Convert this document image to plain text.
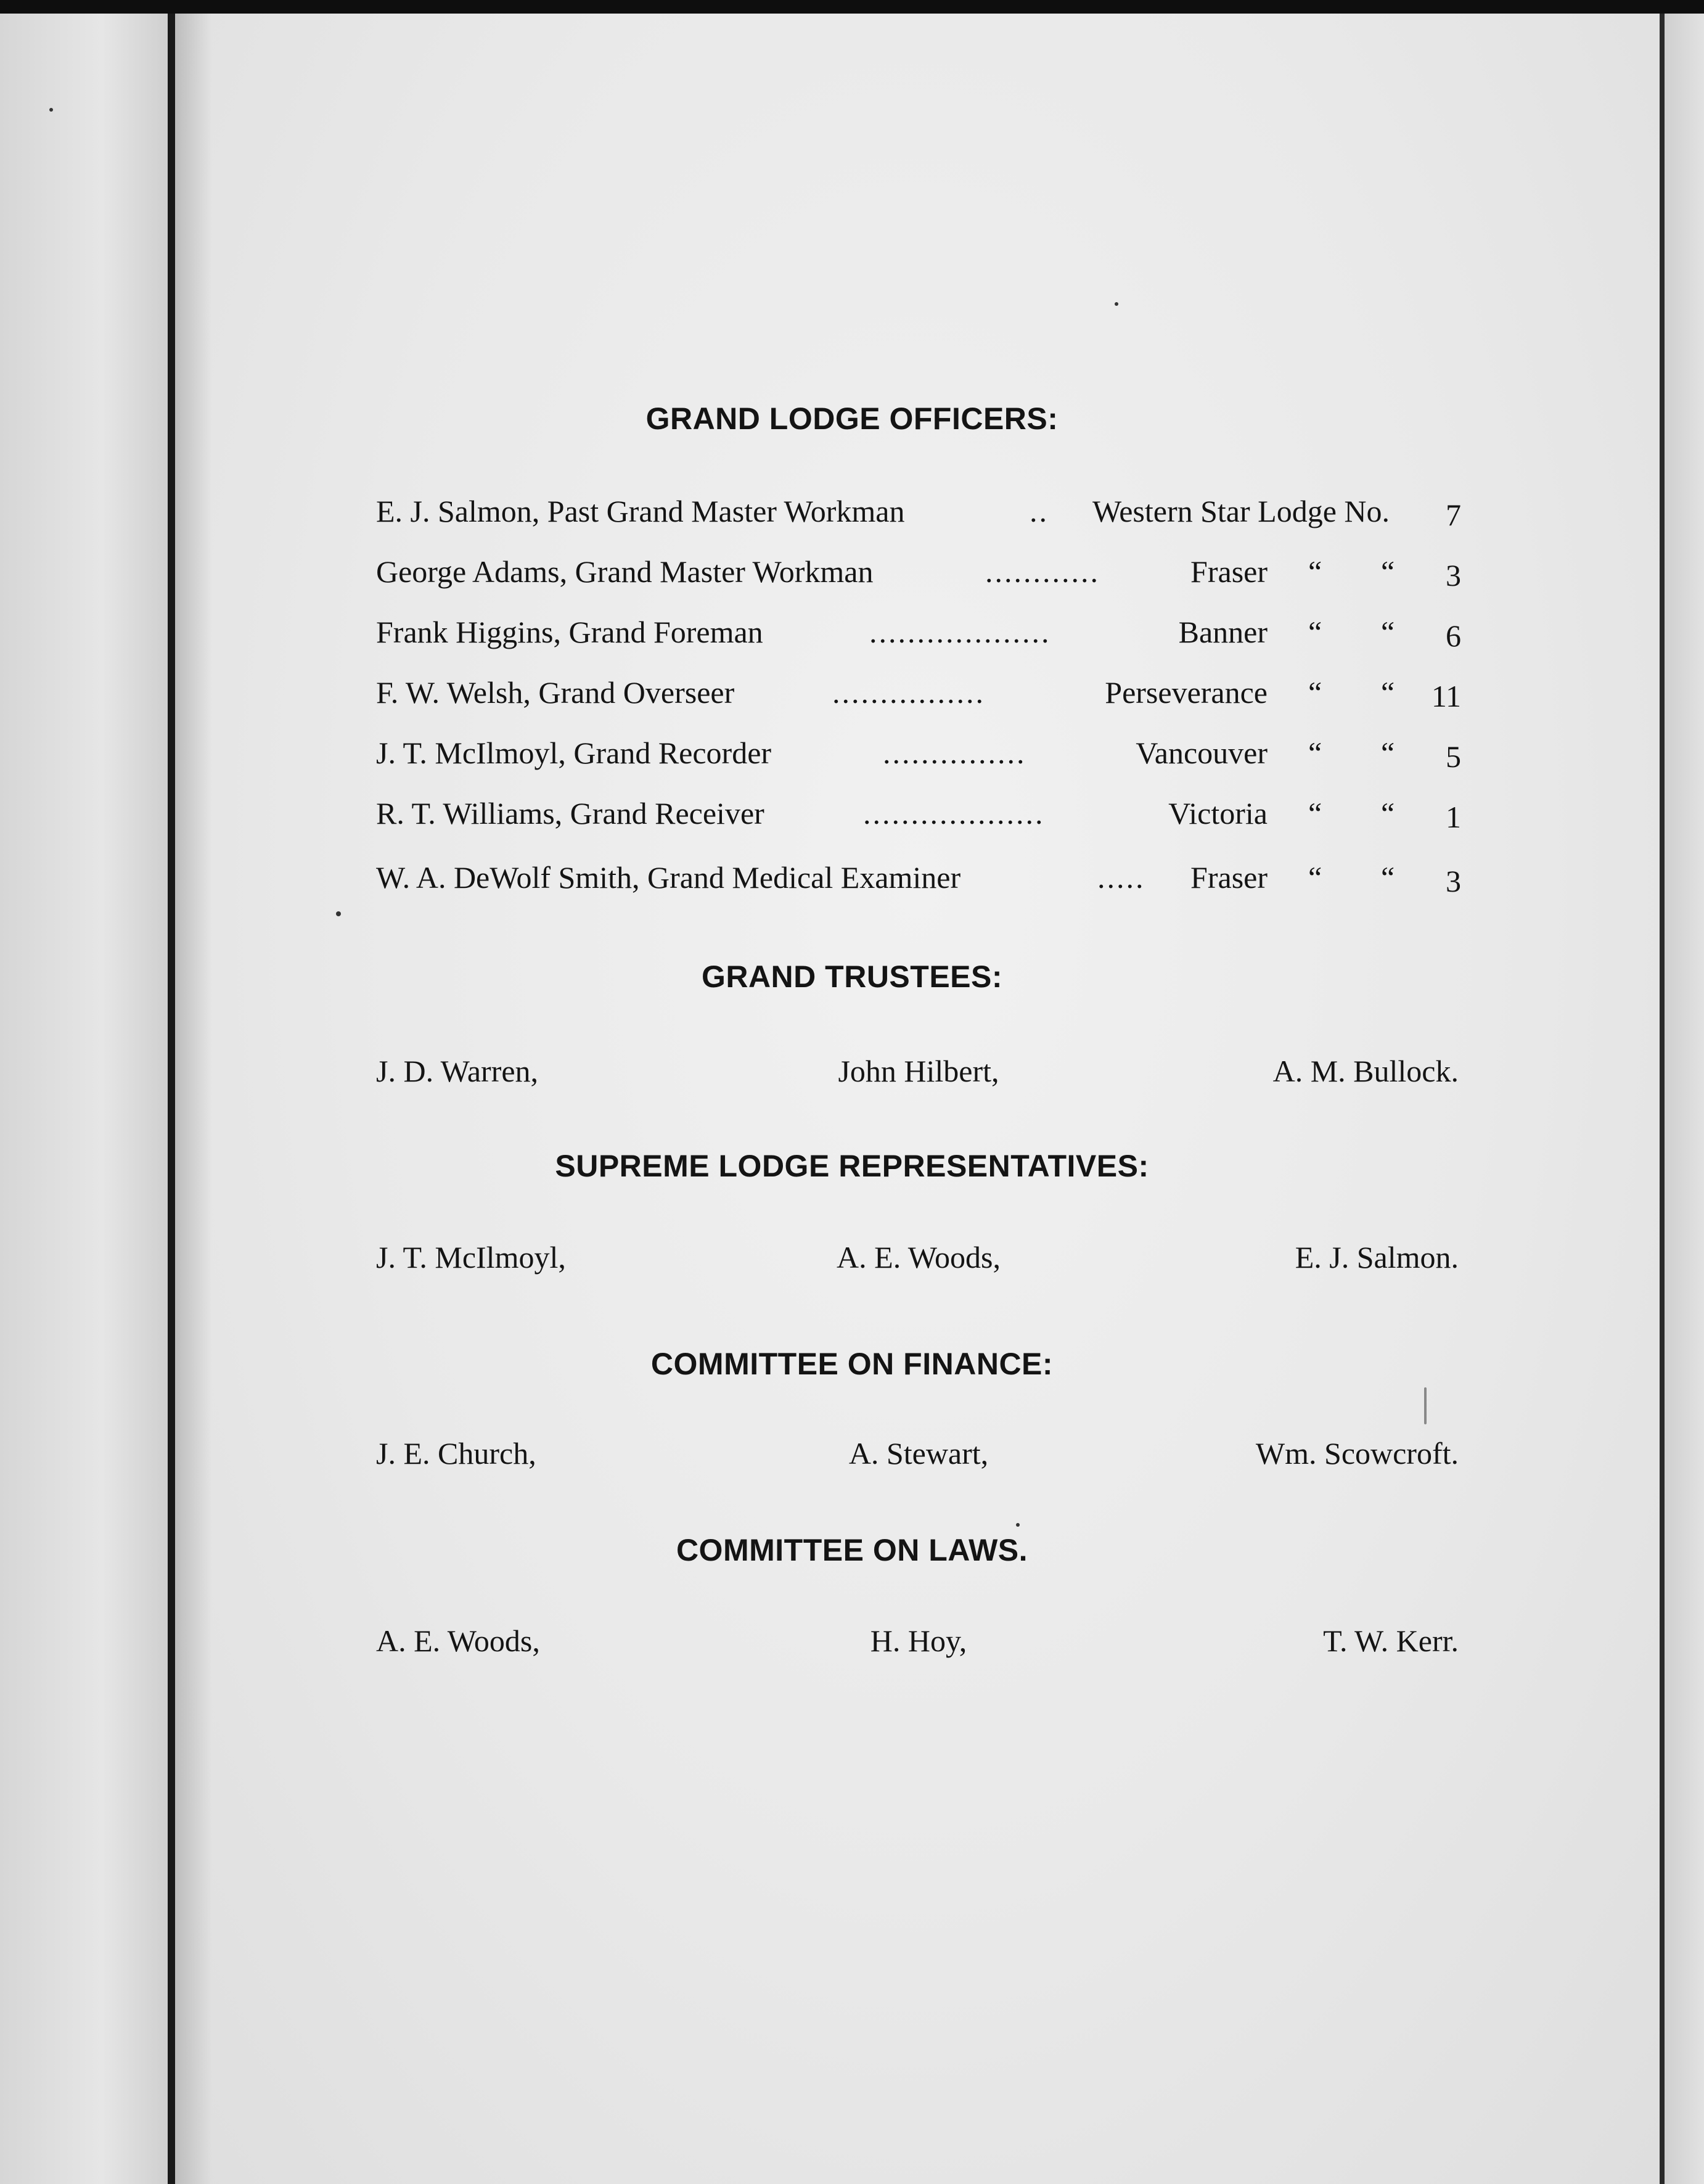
GRAND LODGE OFFICERS:
E. J. Salmon, Past Grand Master Workman	..	Western Star Lodge No. 7
George Adams, Grand Master Workman	............	Fraser “ “ 3
Frank Higgins, Grand Foreman	...................	Banner “ “ 6
F. W. Welsh, Grand Overseer	................	Perseverance “ “ 11
J. T. McIlmoyl, Grand Recorder	...............	Vancouver “ “ 5
R. T. Williams, Grand Receiver	...................	Victoria “ “ 1
W. A. DeWolf Smith, Grand Medical Examiner	.....	Fraser “ “ 3
GRAND TRUSTEES:
J. D. Warren,	John Hilbert,	A. M. Bullock.
SUPREME LODGE REPRESENTATIVES:
J. T. McIlmoyl,	A. E. Woods,	E. J. Salmon.
COMMITTEE ON FINANCE:
J. E. Church,	A. Stewart,	Wm. Scowcroft.
COMMITTEE ON LAWS.
A. E. Woods,	H. Hoy,	T. W. Kerr.
